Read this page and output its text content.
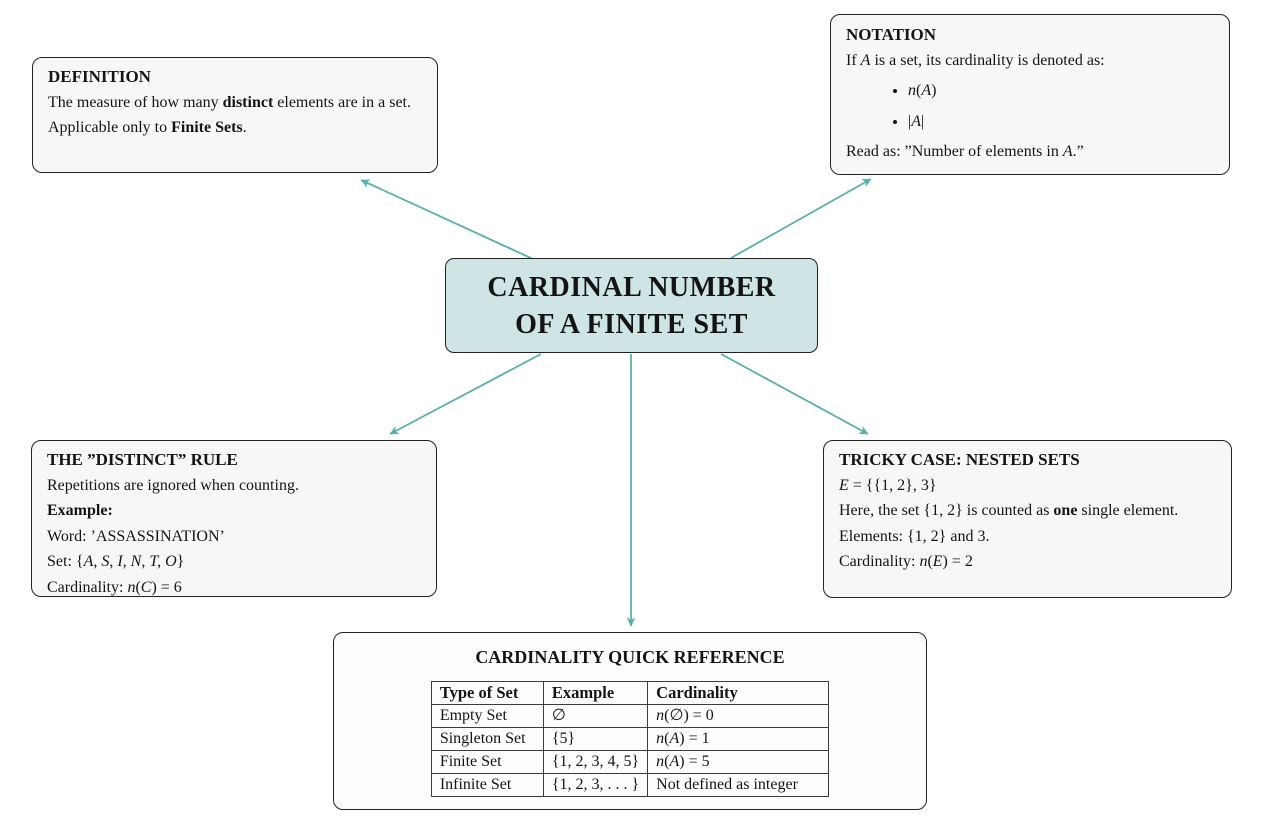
DEFINITION
The measure of how many distinct elements are in a set.
Applicable only to Finite Sets.
NOTATION
If A is a set, its cardinality is denoted as:
• n(A)
• |A|
Read as: ”Number of elements in A.”
CARDINAL NUMBER
OF A FINITE SET
THE ”DISTINCT” RULE
Repetitions are ignored when counting.
Example:
Word: ’ASSASSINATION’
Set: {A, S, I, N, T, O}
Cardinality: n(C) = 6
TRICKY CASE: NESTED SETS
E = {{1, 2}, 3}
Here, the set {1, 2} is counted as one single element.
Elements: {1, 2} and 3.
Cardinality: n(E) = 2
CARDINALITY QUICK REFERENCE
Type of Set	Example	Cardinality
Empty Set	∅	n(∅) = 0
Singleton Set	{5}	n(A) = 1
Finite Set	{1, 2, 3, 4, 5}	n(A) = 5
Infinite Set	{1, 2, 3, . . . }	Not defined as integer
